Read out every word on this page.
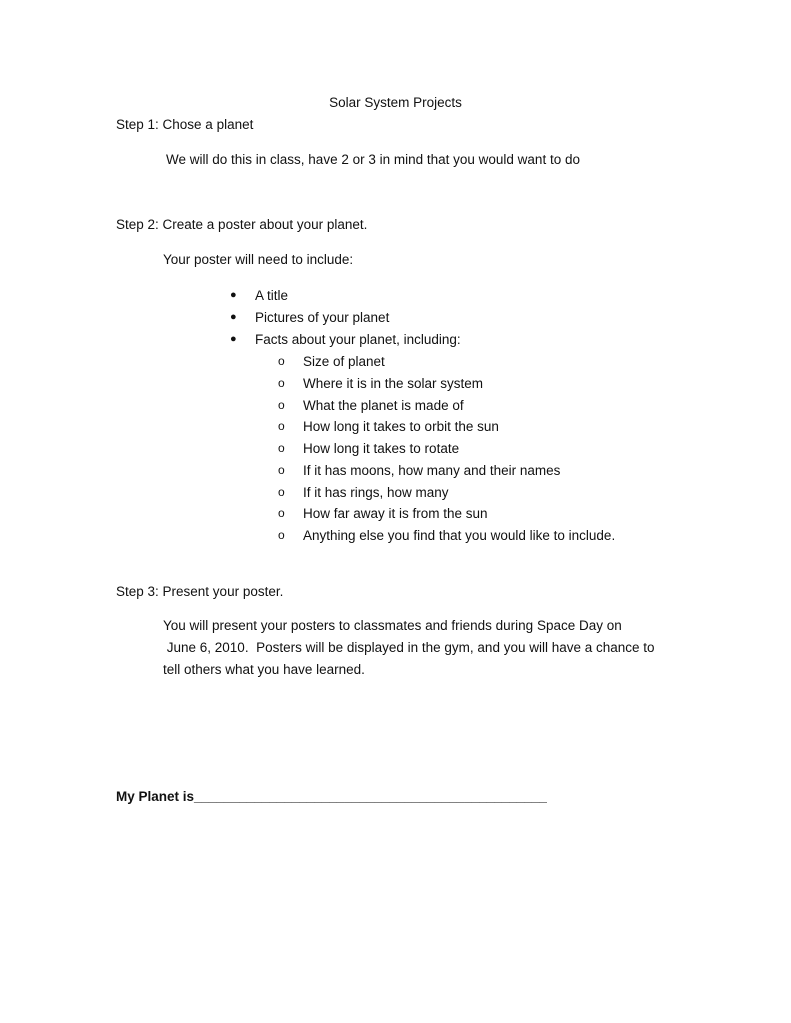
Solar System Projects
Step 1: Chose a planet
We will do this in class, have 2 or 3 in mind that you would want to do
Step 2: Create a poster about your planet.
Your poster will need to include:
●	A title
●	Pictures of your planet
●	Facts about your planet, including:
o	Size of planet
o	Where it is in the solar system
o	What the planet is made of
o	How long it takes to orbit the sun
o	How long it takes to rotate
o	If it has moons, how many and their names
o	If it has rings, how many
o	How far away it is from the sun
o	Anything else you find that you would like to include.
Step 3: Present your poster.
You will present your posters to classmates and friends during Space Day on
June 6, 2010.  Posters will be displayed in the gym, and you will have a chance to
tell others what you have learned.
My Planet is_______________________________________________
